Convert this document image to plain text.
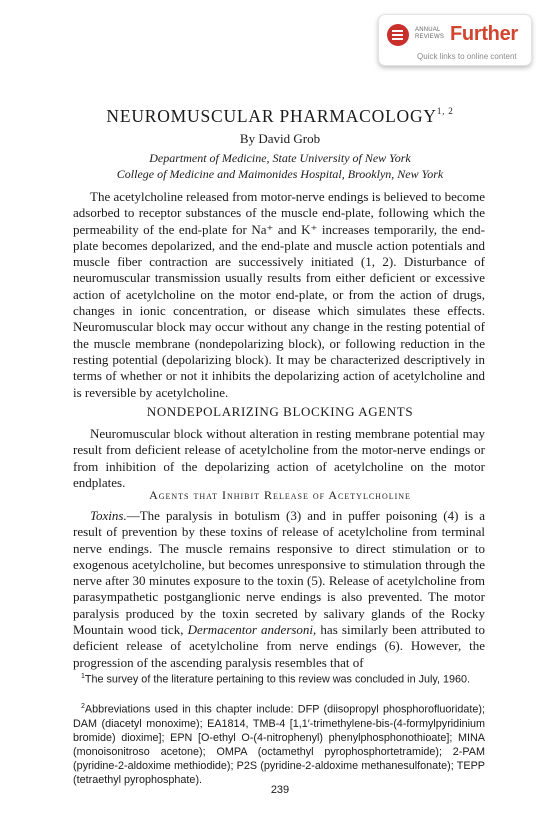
ANNUAL
REVIEWS Further
Quick links to online content
NEUROMUSCULAR PHARMACOLOGY$^{1, 2}$
By David Grob
Department of Medicine, State University of New York
College of Medicine and Maimonides Hospital, Brooklyn, New York

The acetylcholine released from motor-nerve endings is believed to become adsorbed to receptor substances of the muscle end-plate, following which the permeability of the end-plate for Na⁺ and K⁺ increases temporarily, the end-plate becomes depolarized, and the end-plate and muscle action potentials and muscle fiber contraction are successively initiated (1, 2). Disturbance of neuromuscular transmission usually results from either deficient or excessive action of acetylcholine on the motor end-plate, or from the action of drugs, changes in ionic concentration, or disease which simulates these effects. Neuromuscular block may occur without any change in the resting potential of the muscle membrane (nondepolarizing block), or following reduction in the resting potential (depolarizing block). It may be characterized descriptively in terms of whether or not it inhibits the depolarizing action of acetylcholine and is reversible by acetylcholine.

NONDEPOLARIZING BLOCKING AGENTS

Neuromuscular block without alteration in resting membrane potential may result from deficient release of acetylcholine from the motor-nerve endings or from inhibition of the depolarizing action of acetylcholine on the motor endplates.

Agents that Inhibit Release of Acetylcholine

Toxins.—The paralysis in botulism (3) and in puffer poisoning (4) is a result of prevention by these toxins of release of acetylcholine from terminal nerve endings. The muscle remains responsive to direct stimulation or to exogenous acetylcholine, but becomes unresponsive to stimulation through the nerve after 30 minutes exposure to the toxin (5). Release of acetylcholine from parasympathetic postganglionic nerve endings is also prevented. The motor paralysis produced by the toxin secreted by salivary glands of the Rocky Mountain wood tick, Dermacentor andersoni, has similarly been attributed to deficient release of acetylcholine from nerve endings (6). However, the progression of the ascending paralysis resembles that of

$^1$The survey of the literature pertaining to this review was concluded in July, 1960.

$^2$Abbreviations used in this chapter include: DFP (diisopropyl phosphorofluoridate); DAM (diacetyl monoxime); EA1814, TMB-4 [1,1′-trimethylene-bis-(4-formylpyridinium bromide) dioxime]; EPN [O-ethyl O-(4-nitrophenyl) phenylphosphonothioate]; MINA (monoisonitroso acetone); OMPA (octamethyl pyrophosphortetramide); 2-PAM (pyridine-2-aldoxime methiodide); P2S (pyridine-2-aldoxime methanesulfonate); TEPP (tetraethyl pyrophosphate).

239
